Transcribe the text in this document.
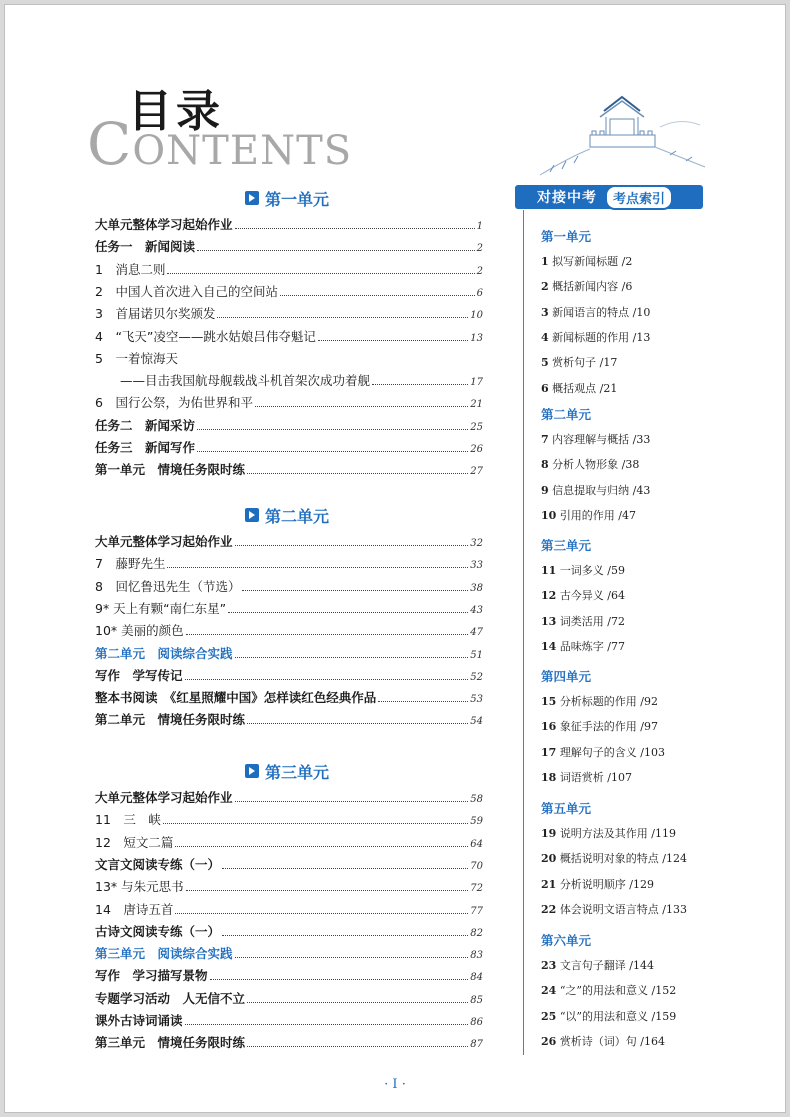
目录
CONTENTS
对接中考	考点索引
· I ·
第一单元
大单元整体学习起始作业	1
任务一　新闻阅读	2
1　消息二则	2
2　中国人首次进入自己的空间站	6
3　首届诺贝尔奖颁发	10
4　“飞天”凌空——跳水姑娘吕伟夺魁记	13
5　一着惊海天
　　——目击我国航母舰载战斗机首架次成功着舰	17
6　国行公祭，为佑世界和平	21
任务二　新闻采访	25
任务三　新闻写作	26
第一单元　情境任务限时练	27
第二单元
大单元整体学习起始作业	32
7　藤野先生	33
8　回忆鲁迅先生（节选）	38
9* 天上有颗“南仁东星”	43
10* 美丽的颜色	47
第二单元　阅读综合实践	51
写作　学写传记	52
整本书阅读　《红星照耀中国》怎样读红色经典作品	53
第二单元　情境任务限时练	54
第三单元
大单元整体学习起始作业	58
11　三　峡	59
12　短文二篇	64
文言文阅读专练（一）	70
13* 与朱元思书	72
14　唐诗五首	77
古诗文阅读专练（一）	82
第三单元　阅读综合实践	83
写作　学习描写景物	84
专题学习活动　人无信不立	85
课外古诗词诵读	86
第三单元　情境任务限时练	87
第一单元
1 拟写新闻标题 /2
2 概括新闻内容 /6
3 新闻语言的特点 /10
4 新闻标题的作用 /13
5 赏析句子 /17
6 概括观点 /21
第二单元
7 内容理解与概括 /33
8 分析人物形象 /38
9 信息提取与归纳 /43
10 引用的作用 /47
第三单元
11 一词多义 /59
12 古今异义 /64
13 词类活用 /72
14 品味炼字 /77
第四单元
15 分析标题的作用 /92
16 象征手法的作用 /97
17 理解句子的含义 /103
18 词语赏析 /107
第五单元
19 说明方法及其作用 /119
20 概括说明对象的特点 /124
21 分析说明顺序 /129
22 体会说明文语言特点 /133
第六单元
23 文言句子翻译 /144
24 “之”的用法和意义 /152
25 “以”的用法和意义 /159
26 赏析诗（词）句 /164
